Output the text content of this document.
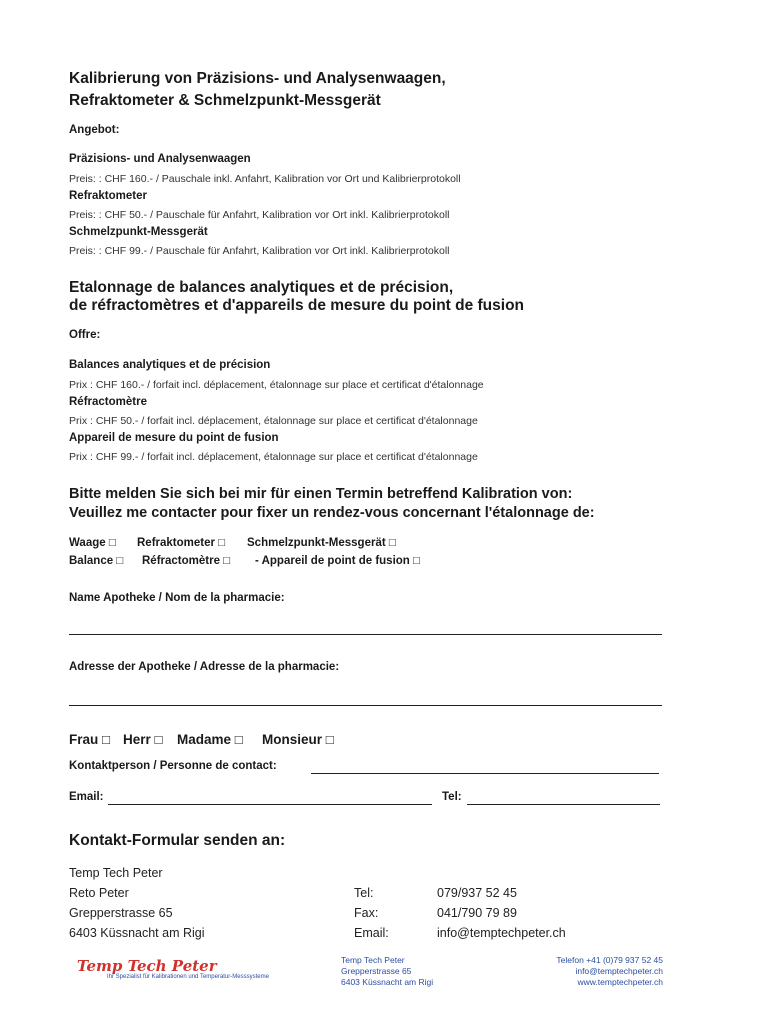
Kalibrierung von Präzisions- und Analysenwaagen,
Refraktometer & Schmelzpunkt-Messgerät
Angebot:
Präzisions- und Analysenwaagen
Preis: : CHF 160.- / Pauschale inkl. Anfahrt, Kalibration vor Ort und Kalibrierprotokoll
Refraktometer
Preis: : CHF 50.- / Pauschale für Anfahrt, Kalibration vor Ort inkl. Kalibrierprotokoll
Schmelzpunkt-Messgerät
Preis: : CHF 99.- / Pauschale für Anfahrt, Kalibration vor Ort inkl. Kalibrierprotokoll
Etalonnage de balances analytiques et de précision,
de réfractomètres et d'appareils de mesure du point de fusion
Offre:
Balances analytiques et de précision
Prix : CHF 160.- / forfait incl. déplacement, étalonnage sur place et certificat d'étalonnage
Réfractomètre
Prix : CHF 50.- / forfait incl. déplacement, étalonnage sur place et certificat d'étalonnage
Appareil de mesure du point de fusion
Prix : CHF 99.- / forfait incl. déplacement, étalonnage sur place et certificat d'étalonnage
Bitte melden Sie sich bei mir für einen Termin betreffend Kalibration von:
Veuillez me contacter pour fixer un rendez-vous concernant l'étalonnage de:
Waage □ Refraktometer □ Schmelzpunkt-Messgerät □
Balance □ Réfractomètre □ - Appareil de point de fusion □
Name Apotheke / Nom de la pharmacie:
Adresse der Apotheke / Adresse de la pharmacie:
Frau □ Herr □ Madame □ Monsieur □
Kontaktperson / Personne de contact:
Email:	Tel:
Kontakt-Formular senden an:
Temp Tech Peter
Reto Peter
Grepperstrasse 65
6403 Küssnacht am Rigi
Tel:
Fax:
Email:
079/937 52 45
041/790 79 89
info@temptechpeter.ch
Temp Tech Peter
Ihr Spezialist für Kalibrationen und Temperatur-Messsysteme
Temp Tech Peter
Grepperstrasse 65
6403 Küssnacht am Rigi
Telefon +41 (0)79 937 52 45
info@temptechpeter.ch
www.temptechpeter.ch
